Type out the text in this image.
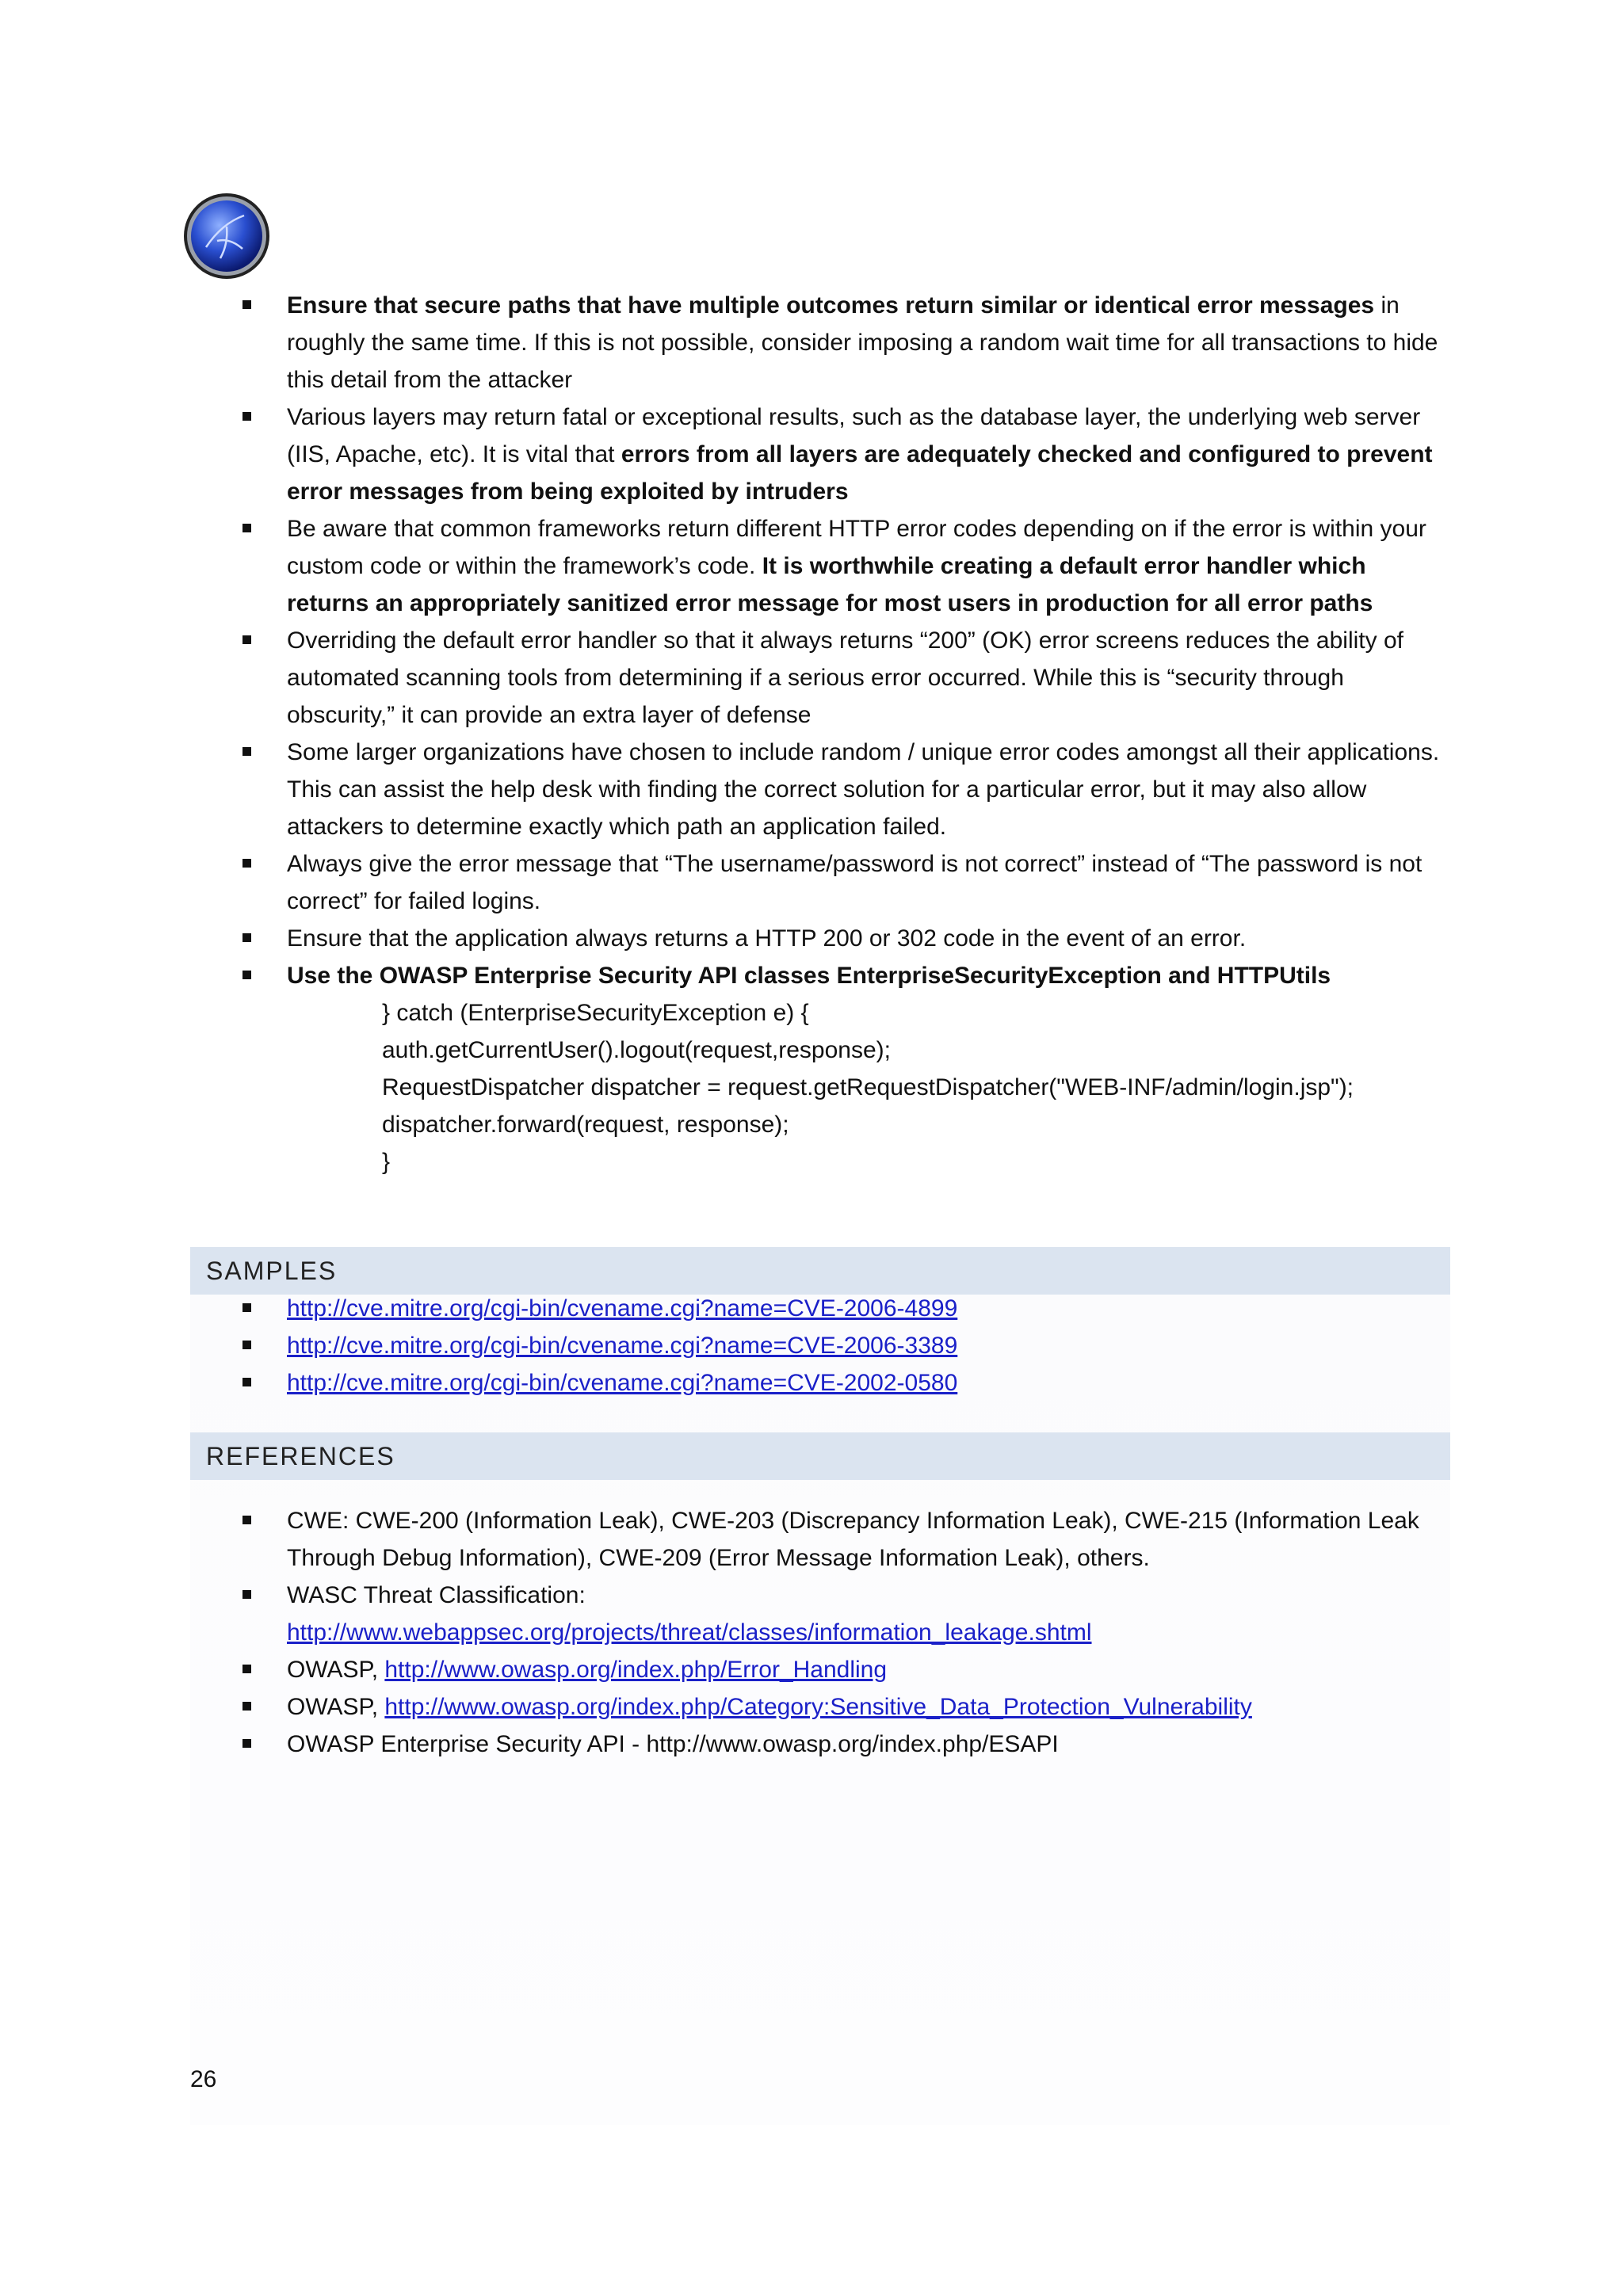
Ensure that secure paths that have multiple outcomes return similar or identical error messages in roughly the same time. If this is not possible, consider imposing a random wait time for all transactions to hide this detail from the attacker
Various layers may return fatal or exceptional results, such as the database layer, the underlying web server (IIS, Apache, etc). It is vital that errors from all layers are adequately checked and configured to prevent error messages from being exploited by intruders
Be aware that common frameworks return different HTTP error codes depending on if the error is within your custom code or within the framework’s code. It is worthwhile creating a default error handler which returns an appropriately sanitized error message for most users in production for all error paths
Overriding the default error handler so that it always returns “200” (OK) error screens reduces the ability of automated scanning tools from determining if a serious error occurred. While this is “security through obscurity,” it can provide an extra layer of defense
Some larger organizations have chosen to include random / unique error codes amongst all their applications. This can assist the help desk with finding the correct solution for a particular error, but it may also allow attackers to determine exactly which path an application failed.
Always give the error message that “The username/password is not correct” instead of “The password is not correct” for failed logins.
Ensure that the application always returns a HTTP 200 or 302 code in the event of an error.
Use the OWASP Enterprise Security API classes EnterpriseSecurityException and HTTPUtils
} catch (EnterpriseSecurityException e) {
auth.getCurrentUser().logout(request,response);
RequestDispatcher dispatcher = request.getRequestDispatcher("WEB-INF/admin/login.jsp");
dispatcher.forward(request, response);
}
SAMPLES
http://cve.mitre.org/cgi-bin/cvename.cgi?name=CVE-2006-4899
http://cve.mitre.org/cgi-bin/cvename.cgi?name=CVE-2006-3389
http://cve.mitre.org/cgi-bin/cvename.cgi?name=CVE-2002-0580
REFERENCES
CWE: CWE-200 (Information Leak), CWE-203 (Discrepancy Information Leak), CWE-215 (Information Leak Through Debug Information), CWE-209 (Error Message Information Leak), others.
WASC Threat Classification:
http://www.webappsec.org/projects/threat/classes/information_leakage.shtml
OWASP, http://www.owasp.org/index.php/Error_Handling
OWASP, http://www.owasp.org/index.php/Category:Sensitive_Data_Protection_Vulnerability
OWASP Enterprise Security API - http://www.owasp.org/index.php/ESAPI
26
